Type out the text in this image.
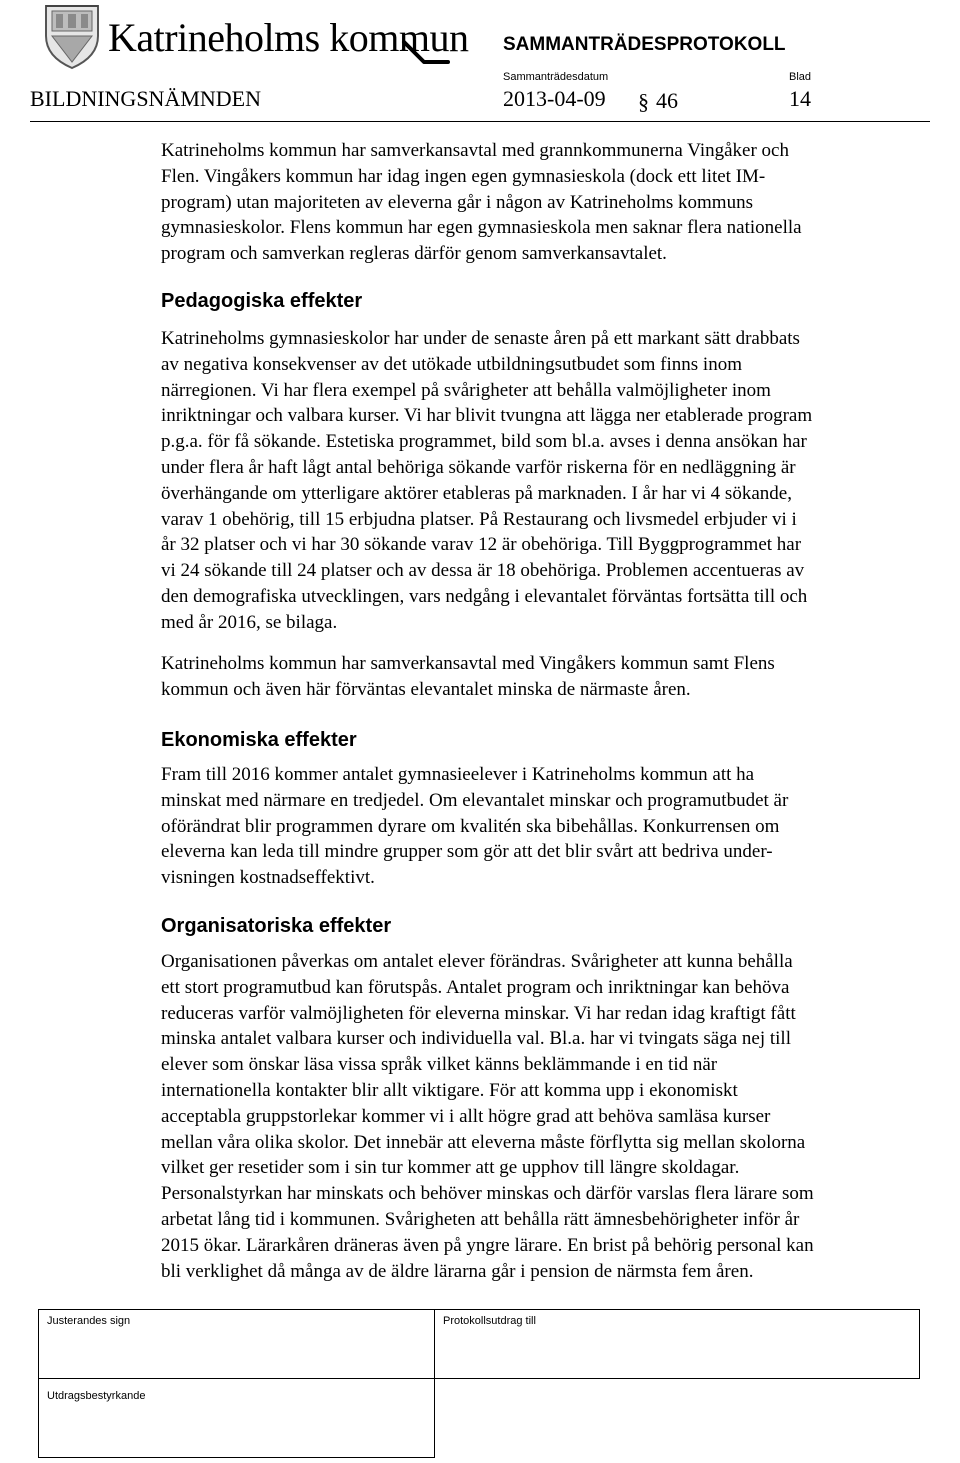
Katrineholms kommun SAMMANTRÄDESPROTOKOLL
BILDNINGSNÄMNDEN
Sammanträdesdatum
2013-04-09 § 46
Blad
14
Katrineholms kommun har samverkansavtal med grannkommunerna Vingåker och
Flen. Vingåkers kommun har idag ingen egen gymnasieskola (dock ett litet IM-
program) utan majoriteten av eleverna går i någon av Katrineholms kommuns
gymnasieskolor. Flens kommun har egen gymnasieskola men saknar flera nationella
program och samverkan regleras därför genom samverkansavtalet.
Pedagogiska effekter
Katrineholms gymnasieskolor har under de senaste åren på ett markant sätt drabbats
av negativa konsekvenser av det utökade utbildningsutbudet som finns inom
närregionen. Vi har flera exempel på svårigheter att behålla valmöjligheter inom
inriktningar och valbara kurser. Vi har blivit tvungna att lägga ner etablerade program
p.g.a. för få sökande. Estetiska programmet, bild som bl.a. avses i denna ansökan har
under flera år haft lågt antal behöriga sökande varför riskerna för en nedläggning är
överhängande om ytterligare aktörer etableras på marknaden. I år har vi 4 sökande,
varav 1 obehörig, till 15 erbjudna platser. På Restaurang och livsmedel erbjuder vi i
år 32 platser och vi har 30 sökande varav 12 är obehöriga. Till Byggprogrammet har
vi 24 sökande till 24 platser och av dessa är 18 obehöriga. Problemen accentueras av
den demografiska utvecklingen, vars nedgång i elevantalet förväntas fortsätta till och
med år 2016, se bilaga.
Katrineholms kommun har samverkansavtal med Vingåkers kommun samt Flens
kommun och även här förväntas elevantalet minska de närmaste åren.
Ekonomiska effekter
Fram till 2016 kommer antalet gymnasieelever i Katrineholms kommun att ha
minskat med närmare en tredjedel. Om elevantalet minskar och programutbudet är
oförändrat blir programmen dyrare om kvalitén ska bibehållas. Konkurrensen om
eleverna kan leda till mindre grupper som gör att det blir svårt att bedriva under-
visningen kostnadseffektivt.
Organisatoriska effekter
Organisationen påverkas om antalet elever förändras. Svårigheter att kunna behålla
ett stort programutbud kan förutspås. Antalet program och inriktningar kan behöva
reduceras varför valmöjligheten för eleverna minskar. Vi har redan idag kraftigt fått
minska antalet valbara kurser och individuella val. Bl.a. har vi tvingats säga nej till
elever som önskar läsa vissa språk vilket känns beklämmande i en tid när
internationella kontakter blir allt viktigare. För att komma upp i ekonomiskt
acceptabla gruppstorlekar kommer vi i allt högre grad att behöva samläsa kurser
mellan våra olika skolor. Det innebär att eleverna måste förflytta sig mellan skolorna
vilket ger resetider som i sin tur kommer att ge upphov till längre skoldagar.
Personalstyrkan har minskats och behöver minskas och därför varslas flera lärare som
arbetat lång tid i kommunen. Svårigheten att behålla rätt ämnesbehörigheter inför år
2015 ökar. Lärarkåren dräneras även på yngre lärare. En brist på behörig personal kan
bli verklighet då många av de äldre lärarna går i pension de närmsta fem åren.
Justerandes sign	Protokollsutdrag till
Utdragsbestyrkande
